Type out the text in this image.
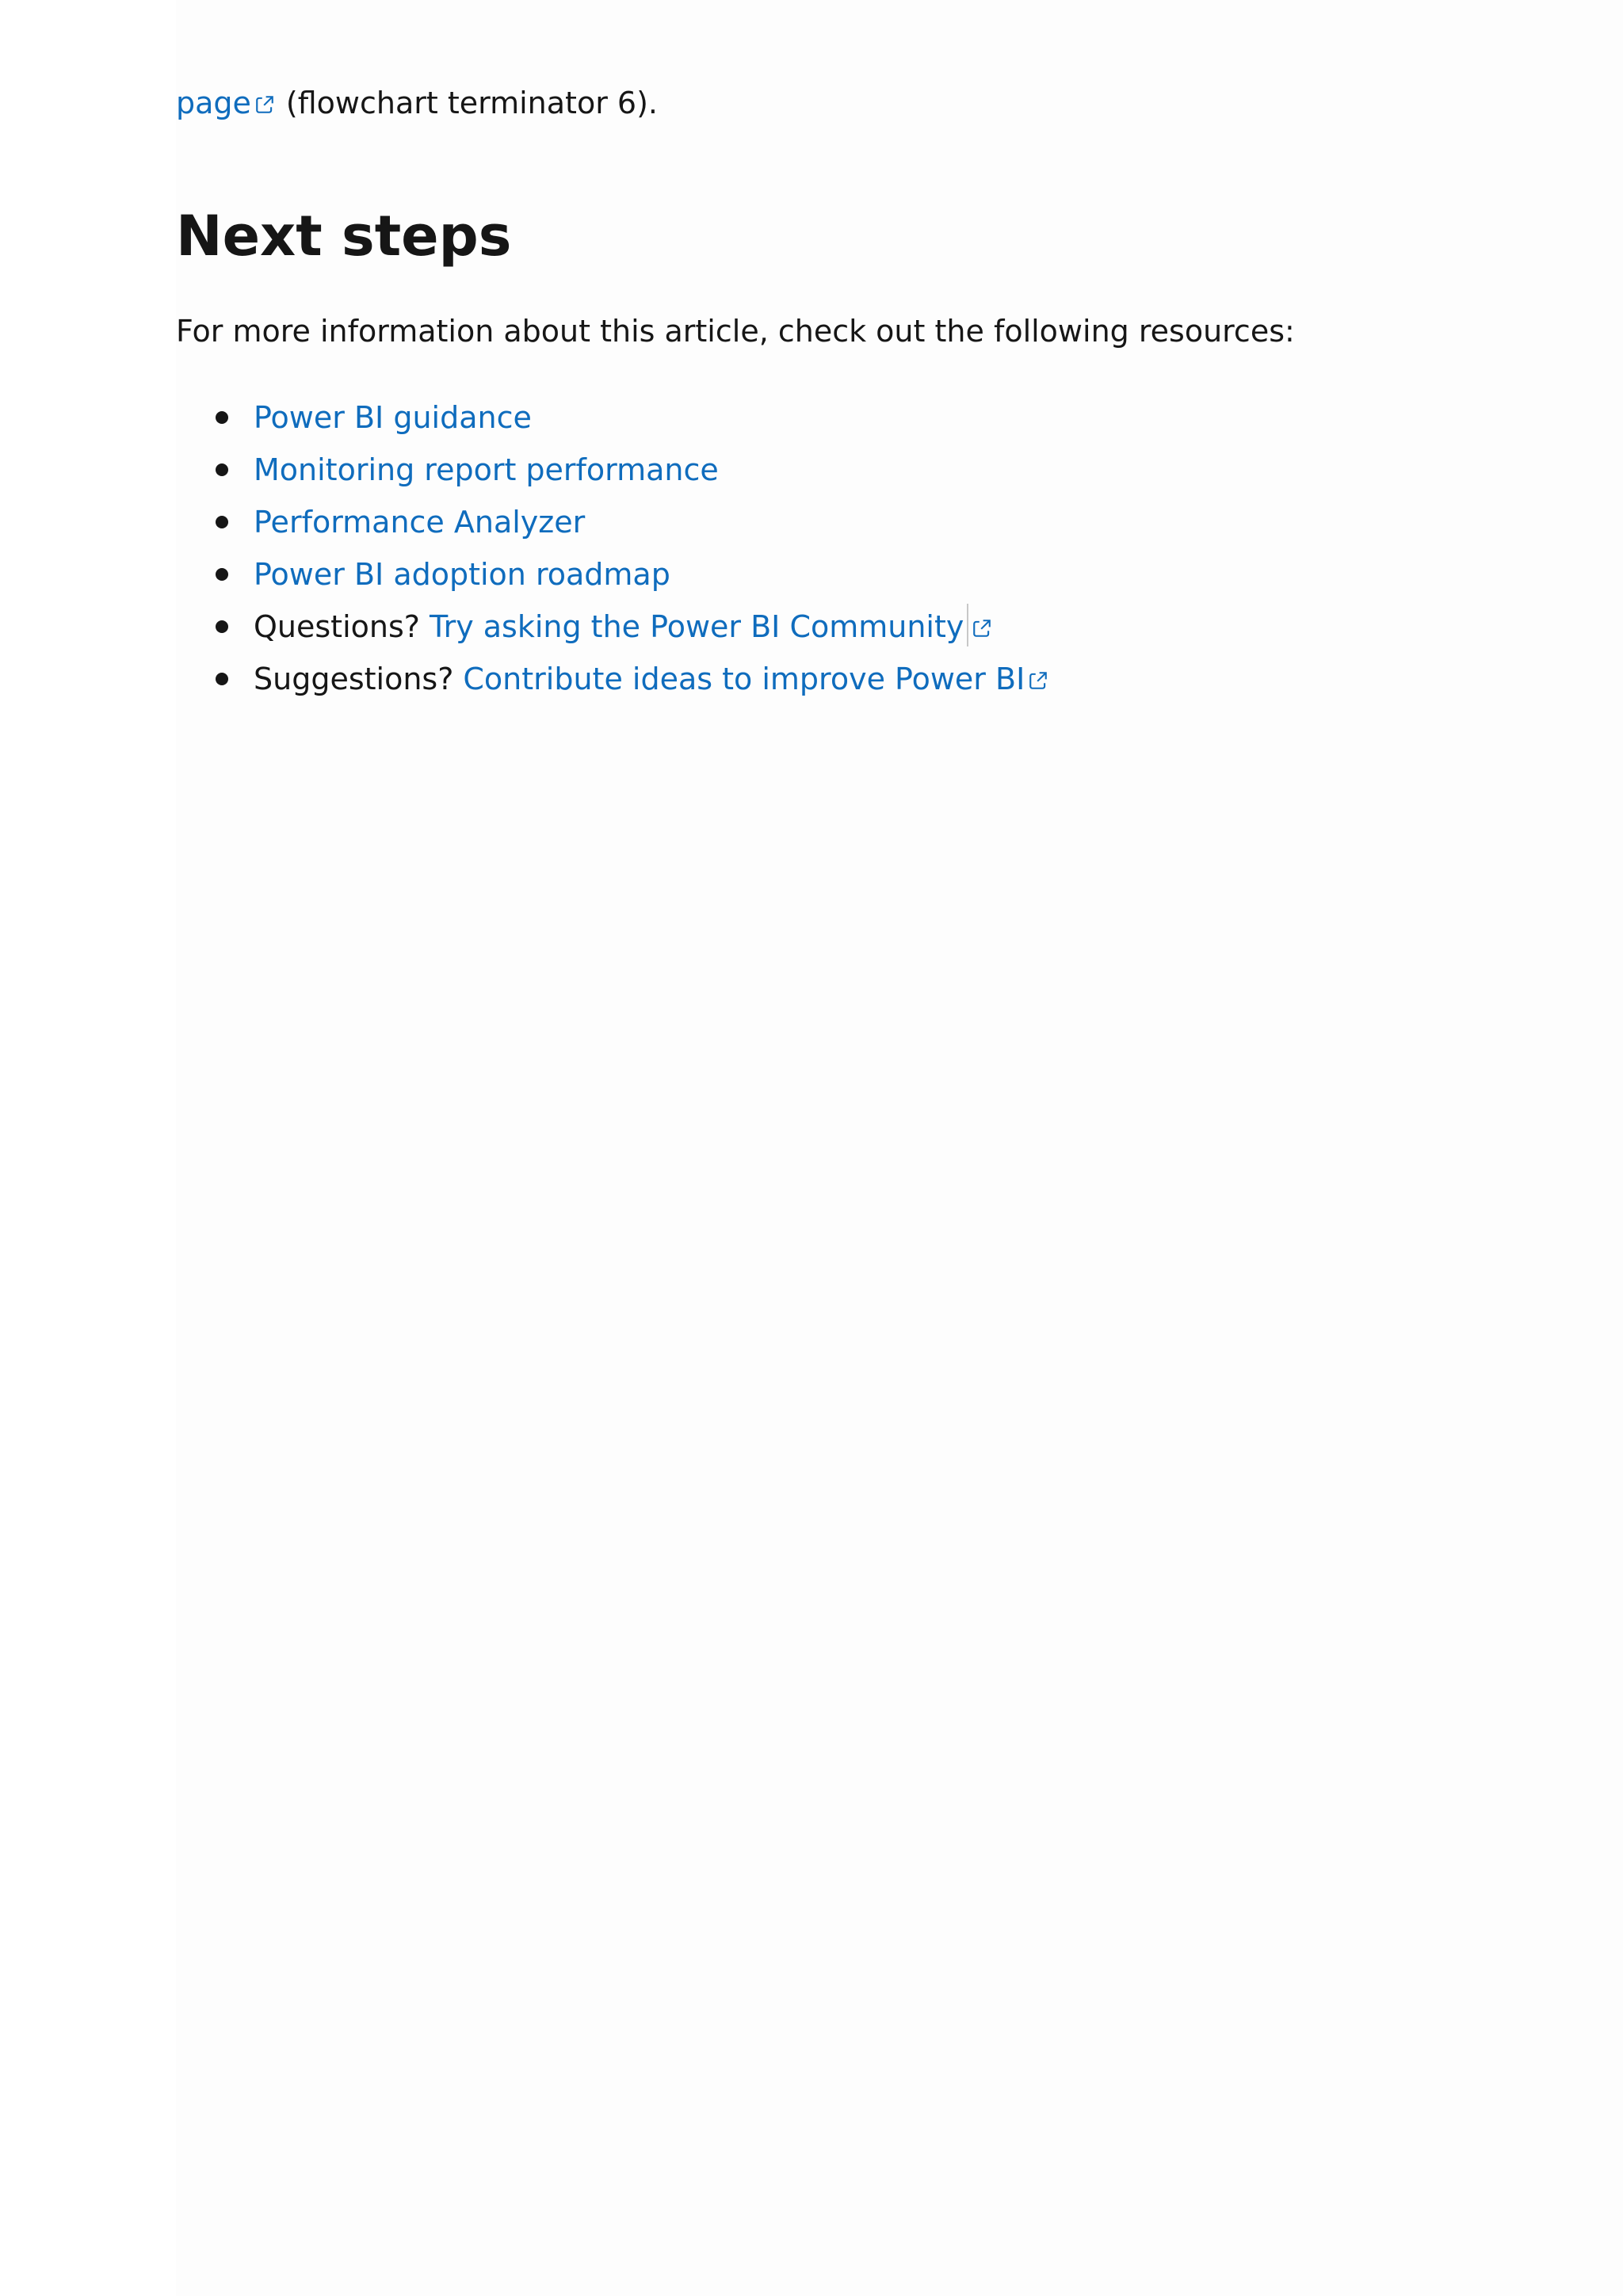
page (flowchart terminator 6).
Next steps

For more information about this article, check out the following resources:

Power BI guidance
Monitoring report performance
Performance Analyzer
Power BI adoption roadmap
Questions? Try asking the Power BI Community
Suggestions? Contribute ideas to improve Power BI
